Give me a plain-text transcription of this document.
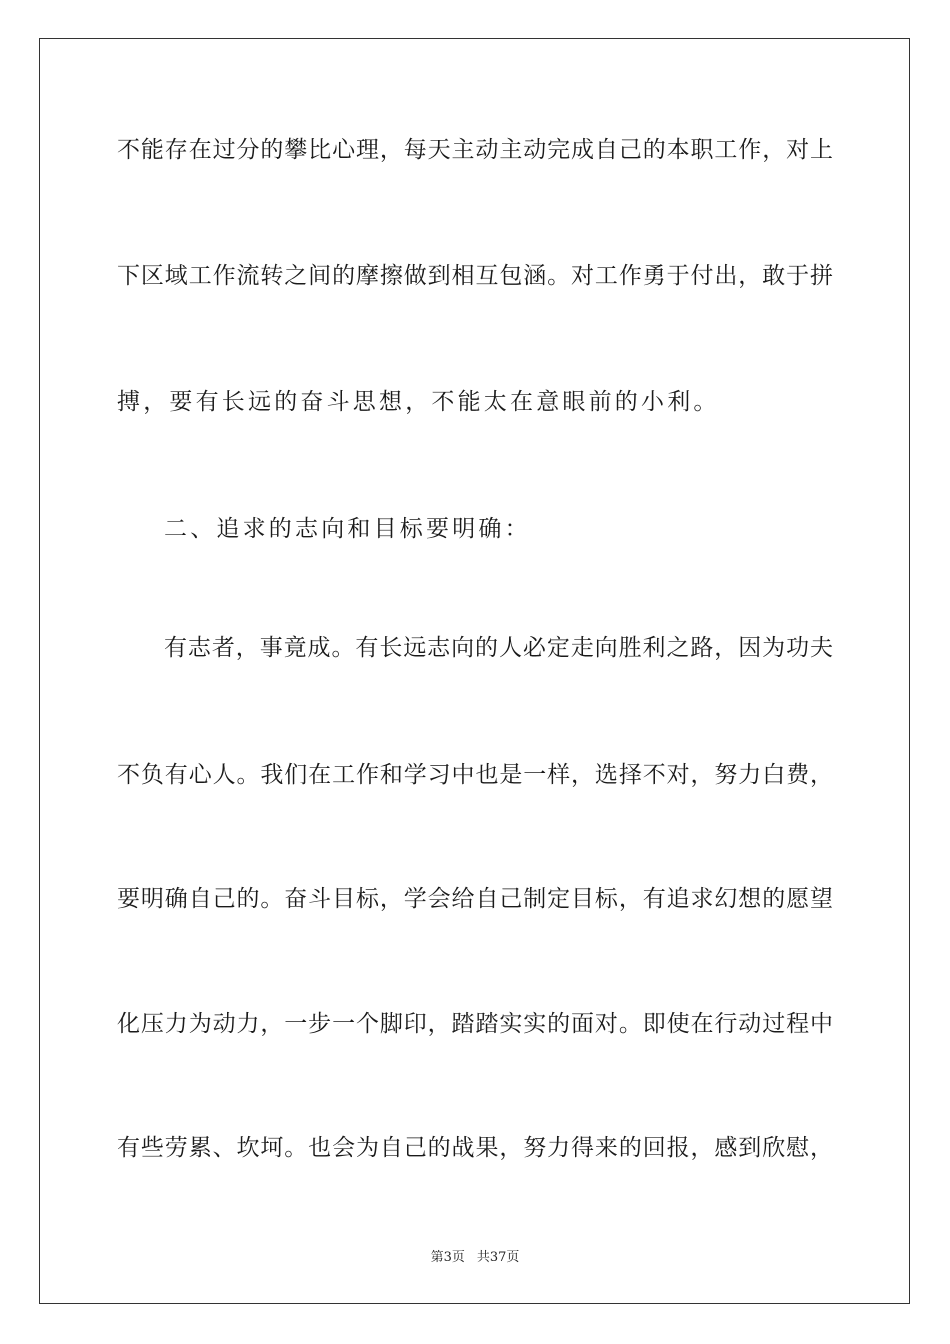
不能存在过分的攀比心理，每天主动主动完成自己的本职工作，对上
下区域工作流转之间的摩擦做到相互包涵。对工作勇于付出，敢于拼
搏，要有长远的奋斗思想，不能太在意眼前的小利。
二、追求的志向和目标要明确：
有志者，事竟成。有长远志向的人必定走向胜利之路，因为功夫
不负有心人。我们在工作和学习中也是一样，选择不对，努力白费，
要明确自己的。奋斗目标，学会给自己制定目标，有追求幻想的愿望
化压力为动力，一步一个脚印，踏踏实实的面对。即使在行动过程中
有些劳累、坎坷。也会为自己的战果，努力得来的回报，感到欣慰，
第3页 共37页
